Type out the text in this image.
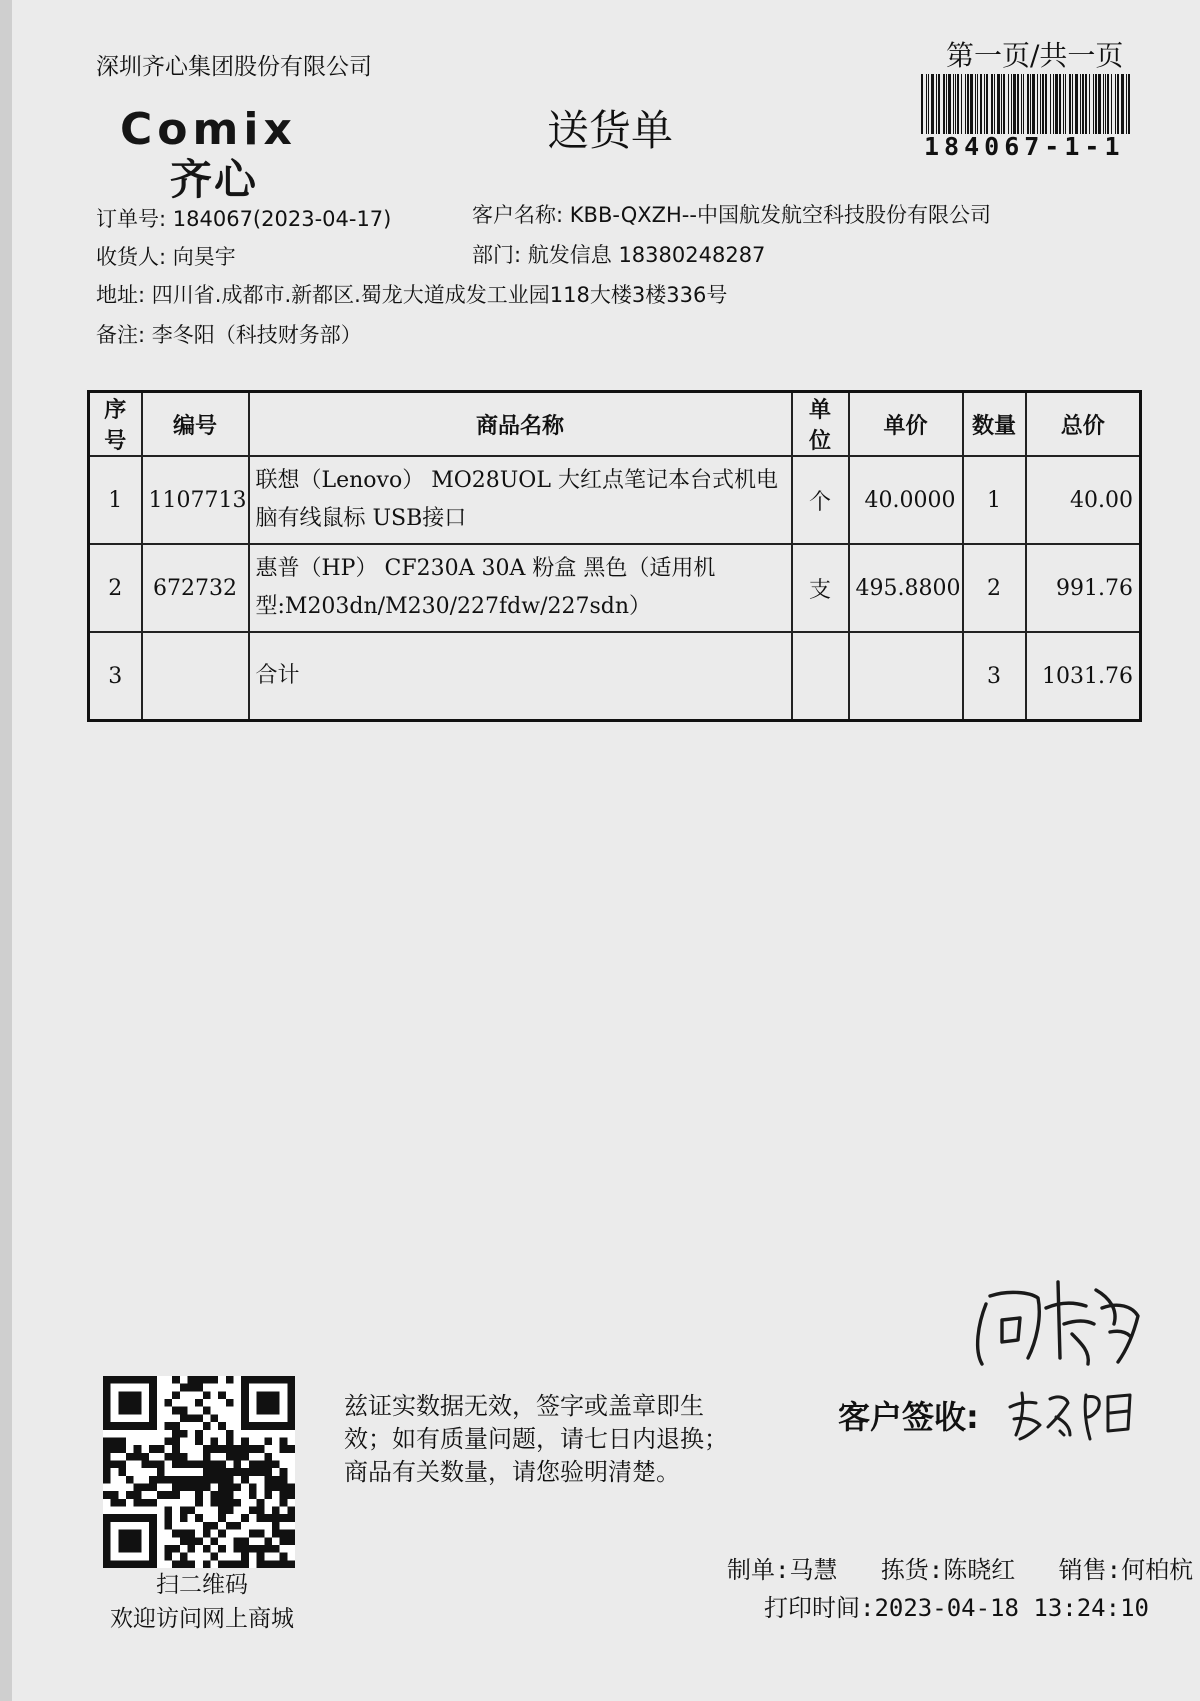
深圳齐心集团股份有限公司	第一页/共一页
184067-1-1
Comix
齐心
送货单
订单号: 184067(2023-04-17)	客户名称: KBB-QXZH--中国航发航空科技股份有限公司
收货人: 向昊宇	部门: 航发信息 18380248287
地址: 四川省.成都市.新都区.蜀龙大道成发工业园118大楼3楼336号
备注: 李冬阳（科技财务部）
序号	编号	商品名称	单位	单价	数量	总价
1	1107713	联想（Lenovo） MO28UOL 大红点笔记本台式机电脑有线鼠标 USB接口	个	40.0000	1	40.00
2	672732	惠普（HP） CF230A 30A 粉盒 黑色（适用机型:M203dn/M230/227fdw/227sdn）	支	495.8800	2	991.76
3		合计			3	1031.76
扫二维码
欢迎访问网上商城
兹证实数据无效，签字或盖章即生
效；如有质量问题，请七日内退换；
商品有关数量，请您验明清楚。
客户签收:
制单:马慧 拣货:陈晓红 销售:何柏杭
打印时间:2023-04-18 13:24:10
